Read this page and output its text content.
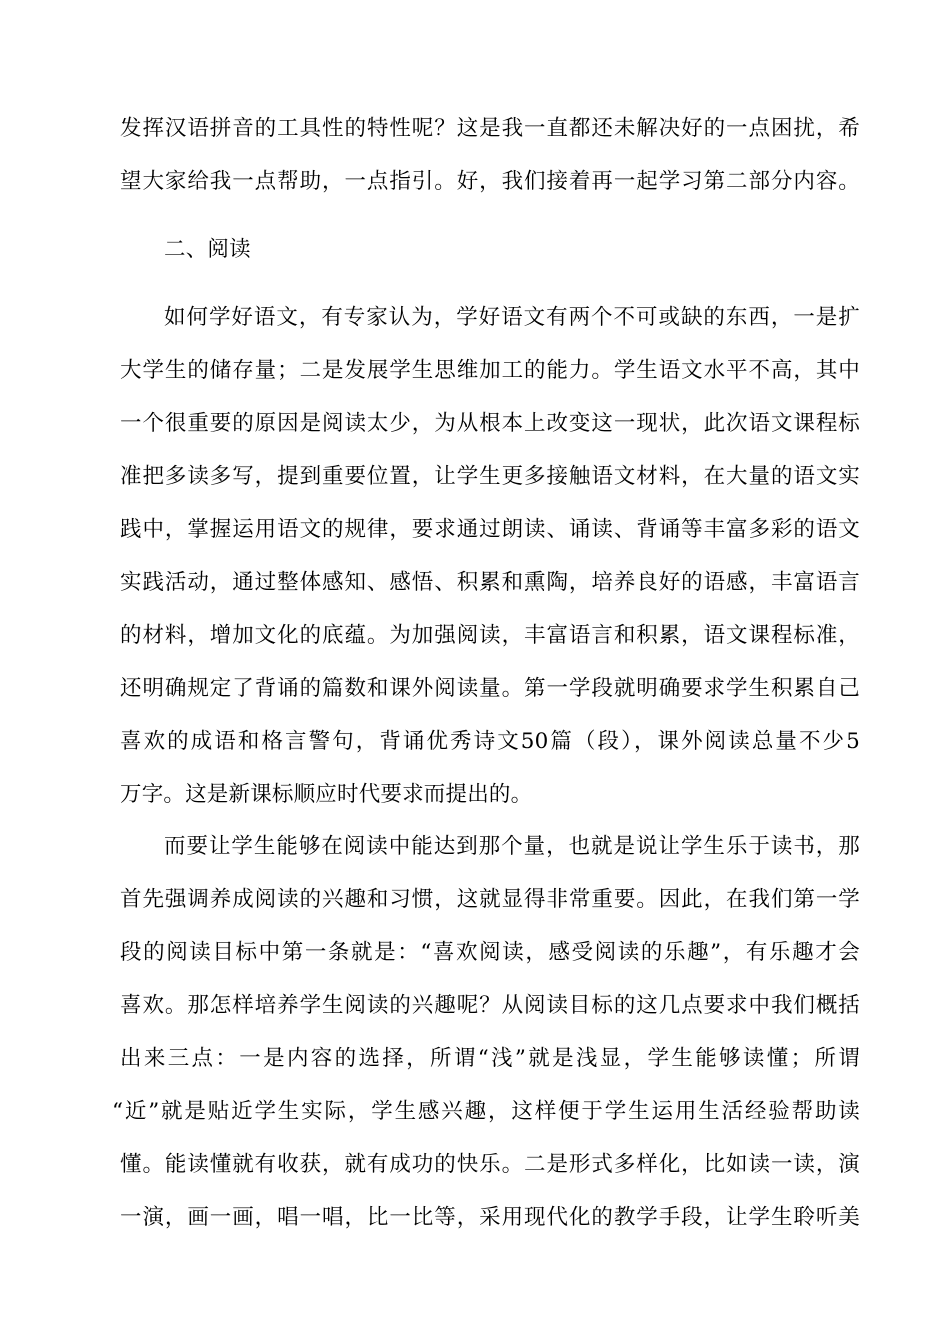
发挥汉语拼音的工具性的特性呢？这是我一直都还未解决好的一点困扰，希
望大家给我一点帮助，一点指引。好，我们接着再一起学习第二部分内容。
二、阅读
如何学好语文，有专家认为，学好语文有两个不可或缺的东西，一是扩
大学生的储存量；二是发展学生思维加工的能力。学生语文水平不高，其中
一个很重要的原因是阅读太少，为从根本上改变这一现状，此次语文课程标
准把多读多写，提到重要位置，让学生更多接触语文材料，在大量的语文实
践中，掌握运用语文的规律，要求通过朗读、诵读、背诵等丰富多彩的语文
实践活动，通过整体感知、感悟、积累和熏陶，培养良好的语感，丰富语言
的材料，增加文化的底蕴。为加强阅读，丰富语言和积累，语文课程标准，
还明确规定了背诵的篇数和课外阅读量。第一学段就明确要求学生积累自己
喜欢的成语和格言警句，背诵优秀诗文50篇（段），课外阅读总量不少5
万字。这是新课标顺应时代要求而提出的。
而要让学生能够在阅读中能达到那个量，也就是说让学生乐于读书，那
首先强调养成阅读的兴趣和习惯，这就显得非常重要。因此，在我们第一学
段的阅读目标中第一条就是：“喜欢阅读，感受阅读的乐趣”，有乐趣才会
喜欢。那怎样培养学生阅读的兴趣呢？从阅读目标的这几点要求中我们概括
出来三点：一是内容的选择，所谓“浅”就是浅显，学生能够读懂；所谓
“近”就是贴近学生实际，学生感兴趣，这样便于学生运用生活经验帮助读
懂。能读懂就有收获，就有成功的快乐。二是形式多样化，比如读一读，演
一演，画一画，唱一唱，比一比等，采用现代化的教学手段，让学生聆听美
